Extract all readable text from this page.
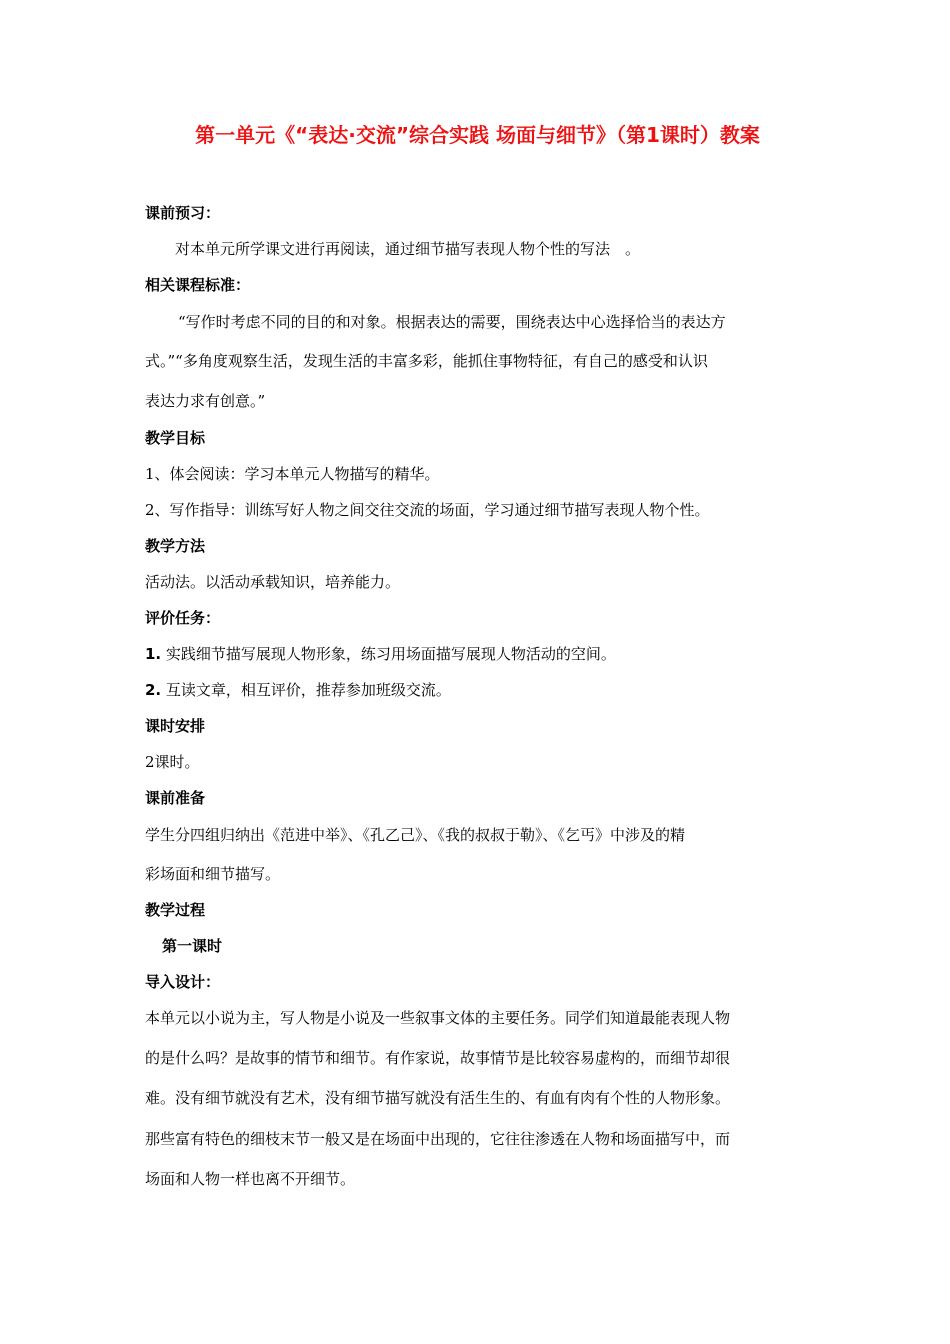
第一单元《“表达·交流”综合实践 场面与细节》（第1课时）教案
课前预习：
对本单元所学课文进行再阅读，通过细节描写表现人物个性的写法　。
相关课程标准：
“写作时考虑不同的目的和对象。根据表达的需要，围绕表达中心选择恰当的表达方
式。”“多角度观察生活，发现生活的丰富多彩，能抓住事物特征，有自己的感受和认识
表达力求有创意。”
教学目标
1、体会阅读：学习本单元人物描写的精华。
2、写作指导：训练写好人物之间交往交流的场面，学习通过细节描写表现人物个性。
教学方法
活动法。以活动承载知识，培养能力。
评价任务：
1. 实践细节描写展现人物形象，练习用场面描写展现人物活动的空间。
2. 互读文章，相互评价，推荐参加班级交流。
课时安排
2课时。
课前准备
学生分四组归纳出《范进中举》、《孔乙己》、《我的叔叔于勒》、《乞丐》中涉及的精
彩场面和细节描写。
教学过程
第一课时
导入设计：
本单元以小说为主，写人物是小说及一些叙事文体的主要任务。同学们知道最能表现人物
的是什么吗？是故事的情节和细节。有作家说，故事情节是比较容易虚构的，而细节却很
难。没有细节就没有艺术，没有细节描写就没有活生生的、有血有肉有个性的人物形象。
那些富有特色的细枝末节一般又是在场面中出现的，它往往渗透在人物和场面描写中，而
场面和人物一样也离不开细节。
